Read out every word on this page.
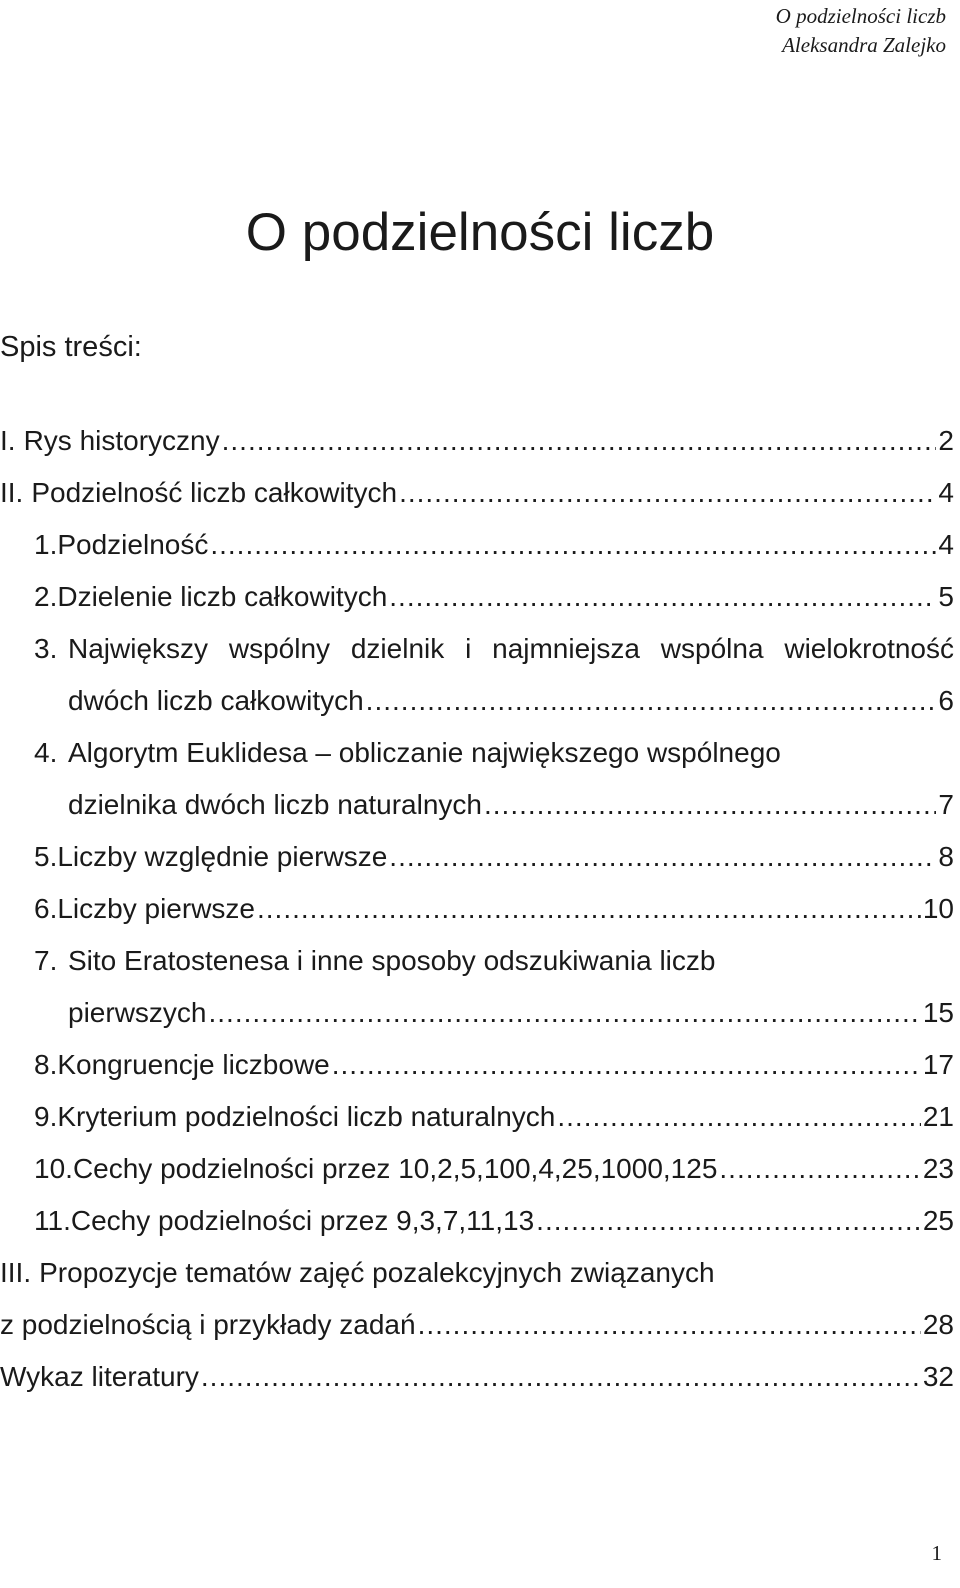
O podzielności liczb
Aleksandra Zalejko
O podzielności liczb
Spis treści:
I. Rys historyczny .....	2
II. Podzielność liczb całkowitych .....	4
1. Podzielność .....	4
2. Dzielenie liczb całkowitych .....	5
3. Największy wspólny dzielnik i najmniejsza wspólna wielokrotność
dwóch liczb całkowitych .....	6
4. Algorytm Euklidesa – obliczanie największego wspólnego
dzielnika dwóch liczb naturalnych .....	7
5. Liczby względnie pierwsze .....	8
6. Liczby pierwsze .....	10
7. Sito Eratostenesa i inne sposoby odszukiwania liczb
pierwszych .....	15
8. Kongruencje liczbowe .....	17
9. Kryterium podzielności liczb naturalnych .....	21
10. Cechy podzielności przez 10,2,5,100,4,25,1000,125 .....	23
11. Cechy podzielności przez 9,3,7,11,13 .....	25
III. Propozycje tematów zajęć pozalekcyjnych związanych
z podzielnością i przykłady zadań .....	28
Wykaz literatury .....	32
1
